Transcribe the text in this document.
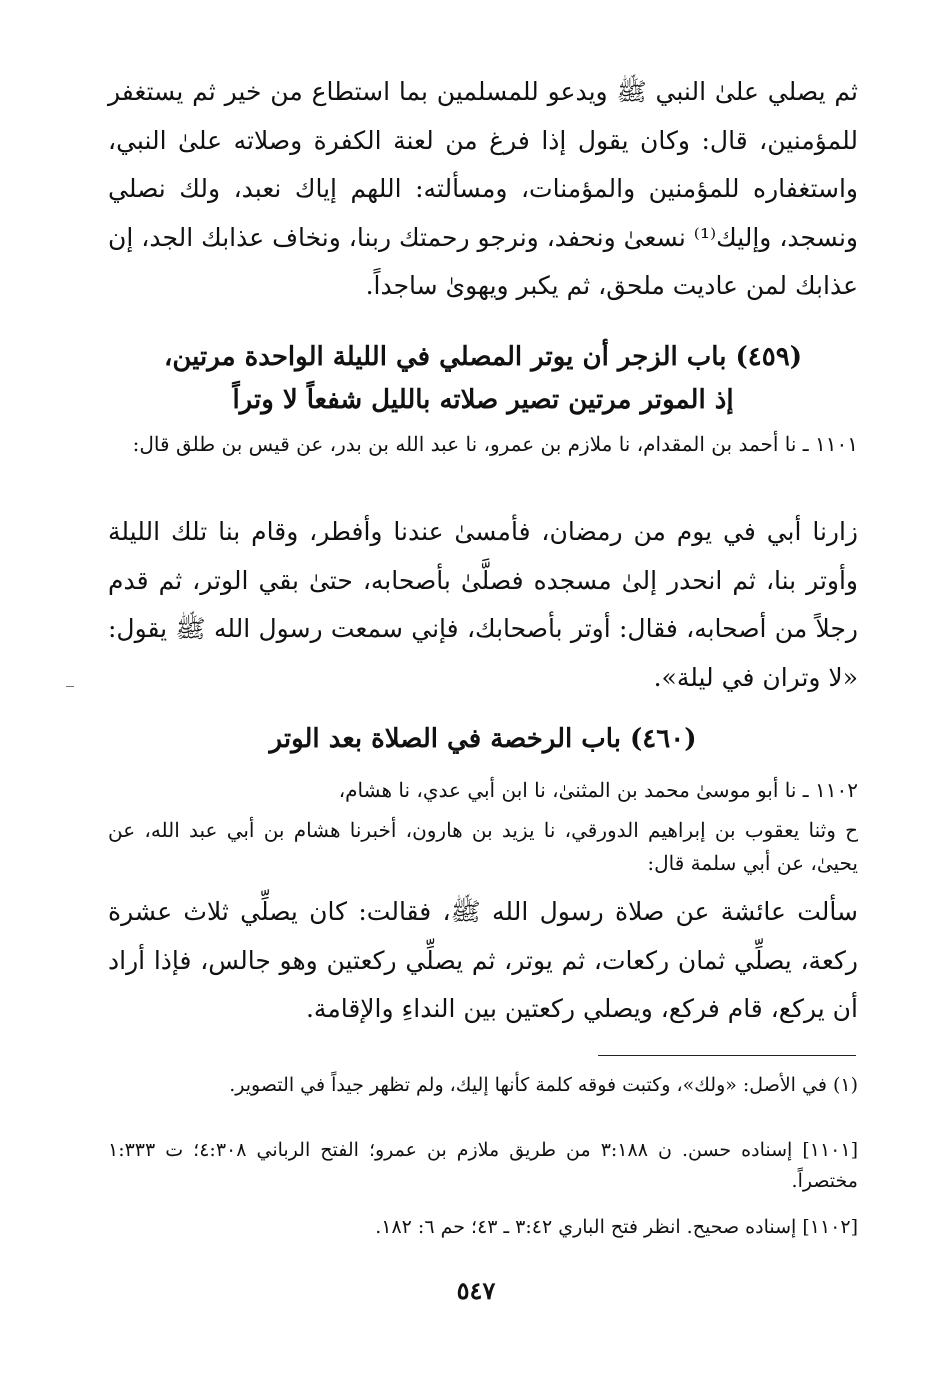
ثم يصلي علىٰ النبي ﷺ ويدعو للمسلمين بما استطاع من خير ثم يستغفر للمؤمنين، قال: وكان يقول إذا فرغ من لعنة الكفرة وصلاته علىٰ النبي، واستغفاره للمؤمنين والمؤمنات، ومسألته: اللهم إياك نعبد، ولك نصلي ونسجد، وإليك⁽¹⁾ نسعىٰ ونحفد، ونرجو رحمتك ربنا، ونخاف عذابك الجد، إن عذابك لمن عاديت ملحق، ثم يكبر ويهوىٰ ساجداً.

(٤٥٩) باب الزجر أن يوتر المصلي في الليلة الواحدة مرتين،
إذ الموتر مرتين تصير صلاته بالليل شفعاً لا وتراً

١١٠١ ـ نا أحمد بن المقدام، نا ملازم بن عمرو، نا عبد الله بن بدر، عن قيس بن طلق قال:

زارنا أبي في يوم من رمضان، فأمسىٰ عندنا وأفطر، وقام بنا تلك الليلة وأوتر بنا، ثم انحدر إلىٰ مسجده فصلَّىٰ بأصحابه، حتىٰ بقي الوتر، ثم قدم رجلاً من أصحابه، فقال: أوتر بأصحابك، فإني سمعت رسول الله ﷺ يقول: «لا وتران في ليلة».

(٤٦٠) باب الرخصة في الصلاة بعد الوتر

١١٠٢ ـ نا أبو موسىٰ محمد بن المثنىٰ، نا ابن أبي عدي، نا هشام،

ح وثنا يعقوب بن إبراهيم الدورقي، نا يزيد بن هارون، أخبرنا هشام بن أبي عبد الله، عن يحيىٰ، عن أبي سلمة قال:

سألت عائشة عن صلاة رسول الله ﷺ، فقالت: كان يصلِّي ثلاث عشرة ركعة، يصلِّي ثمان ركعات، ثم يوتر، ثم يصلِّي ركعتين وهو جالس، فإذا أراد أن يركع، قام فركع، ويصلي ركعتين بين النداءِ والإقامة.

(١) في الأصل: «ولك»، وكتبت فوقه كلمة كأنها إليك، ولم تظهر جيداً في التصوير.

[١١٠١] إسناده حسن. ن ٣:١٨٨ من طريق ملازم بن عمرو؛ الفتح الرباني ٤:٣٠٨؛ ت ١:٣٣٣ مختصراً.

[١١٠٢] إسناده صحيح. انظر فتح الباري ٣:٤٢ ـ ٤٣؛ حم ٦: ١٨٢.

٥٤٧
